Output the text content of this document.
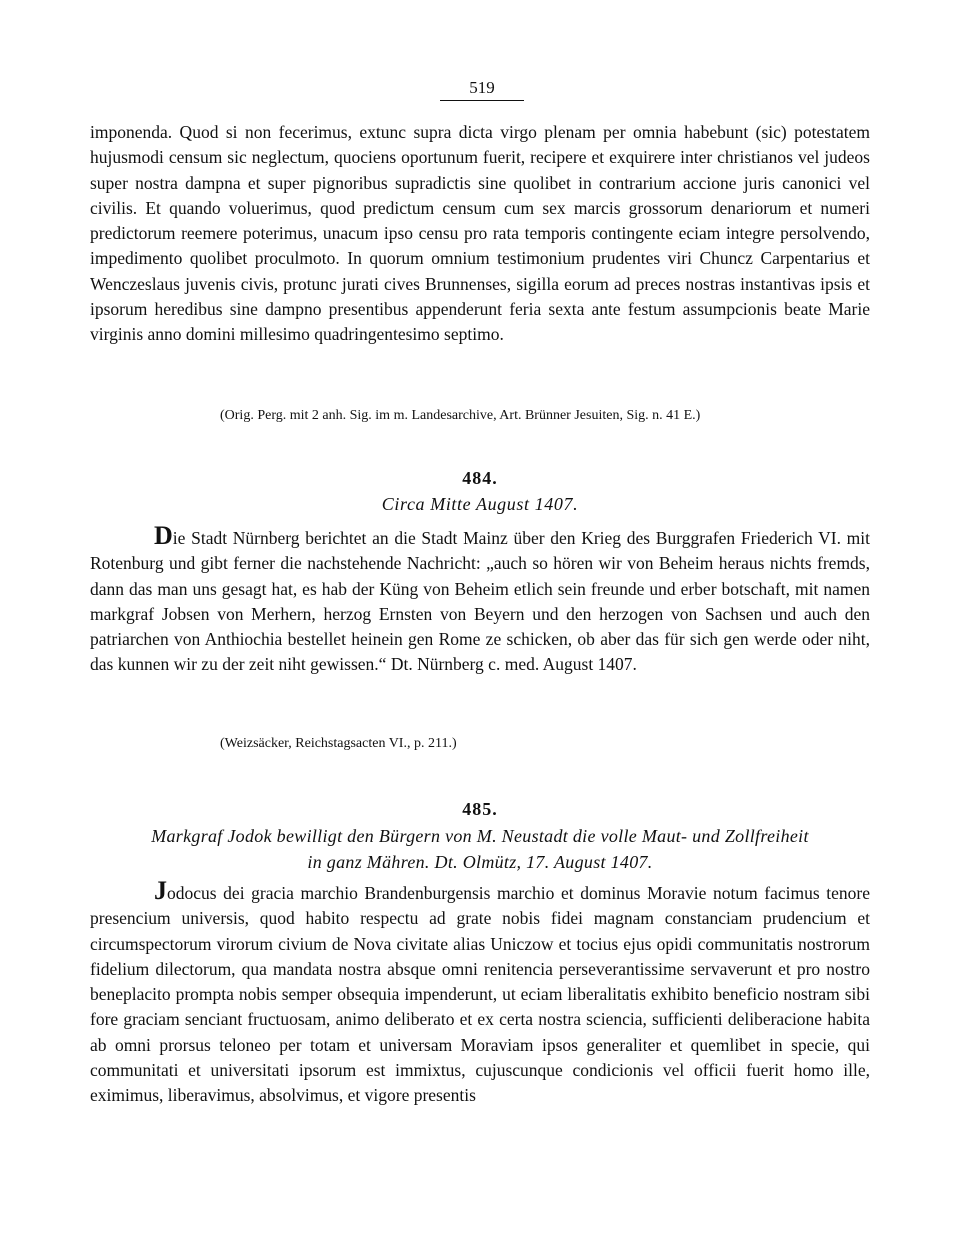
519

imponenda. Quod si non fecerimus, extunc supra dicta virgo plenam per omnia habebunt (sic) potestatem hujusmodi censum sic neglectum, quociens oportunum fuerit, recipere et exquirere inter christianos vel judeos super nostra dampna et super pignoribus supradictis sine quolibet in contrarium accione juris canonici vel civilis. Et quando voluerimus, quod predictum censum cum sex marcis grossorum denariorum et numeri predictorum reemere poterimus, unacum ipso censu pro rata temporis contingente eciam integre persolvendo, impedimento quolibet proculmoto. In quorum omnium testimonium prudentes viri Chuncz Carpentarius et Wenczeslaus juvenis civis, protunc jurati cives Brunnenses, sigilla eorum ad preces nostras instantivas ipsis et ipsorum heredibus sine dampno presentibus appenderunt feria sexta ante festum assumpcionis beate Marie virginis anno domini millesimo quadringentesimo septimo.

(Orig. Perg. mit 2 anh. Sig. im m. Landesarchive, Art. Brünner Jesuiten, Sig. n. 41 E.)
484.
Circa Mitte August 1407.

Die Stadt Nürnberg berichtet an die Stadt Mainz über den Krieg des Burggrafen Friederich VI. mit Rotenburg und gibt ferner die nachstehende Nachricht: „auch so hören wir von Beheim heraus nichts fremds, dann das man uns gesagt hat, es hab der Küng von Beheim etlich sein freunde und erber botschaft, mit namen markgraf Jobsen von Merhern, herzog Ernsten von Beyern und den herzogen von Sachsen und auch den patriarchen von Anthiochia bestellet heinein gen Rome ze schicken, ob aber das für sich gen werde oder niht, das kunnen wir zu der zeit niht gewissen.“ Dt. Nürnberg c. med. August 1407.

(Weizsäcker, Reichstagsacten VI., p. 211.)
485.
Markgraf Jodok bewilligt den Bürgern von M. Neustadt die volle Maut- und Zollfreiheit
in ganz Mähren. Dt. Olmütz, 17. August 1407.

Jodocus dei gracia marchio Brandenburgensis marchio et dominus Moravie notum facimus tenore presencium universis, quod habito respectu ad grate nobis fidei magnam constanciam prudencium et circumspectorum virorum civium de Nova civitate alias Uniczow et tocius ejus opidi communitatis nostrorum fidelium dilectorum, qua mandata nostra absque omni renitencia perseverantissime servaverunt et pro nostro beneplacito prompta nobis semper obsequia impenderunt, ut eciam liberalitatis exhibito beneficio nostram sibi fore graciam senciant fructuosam, animo deliberato et ex certa nostra sciencia, sufficienti deliberacione habita ab omni prorsus teloneo per totam et universam Moraviam ipsos generaliter et quemlibet in specie, qui communitati et universitati ipsorum est immixtus, cujuscunque condicionis vel officii fuerit homo ille, eximimus, liberavimus, absolvimus, et vigore presentis
